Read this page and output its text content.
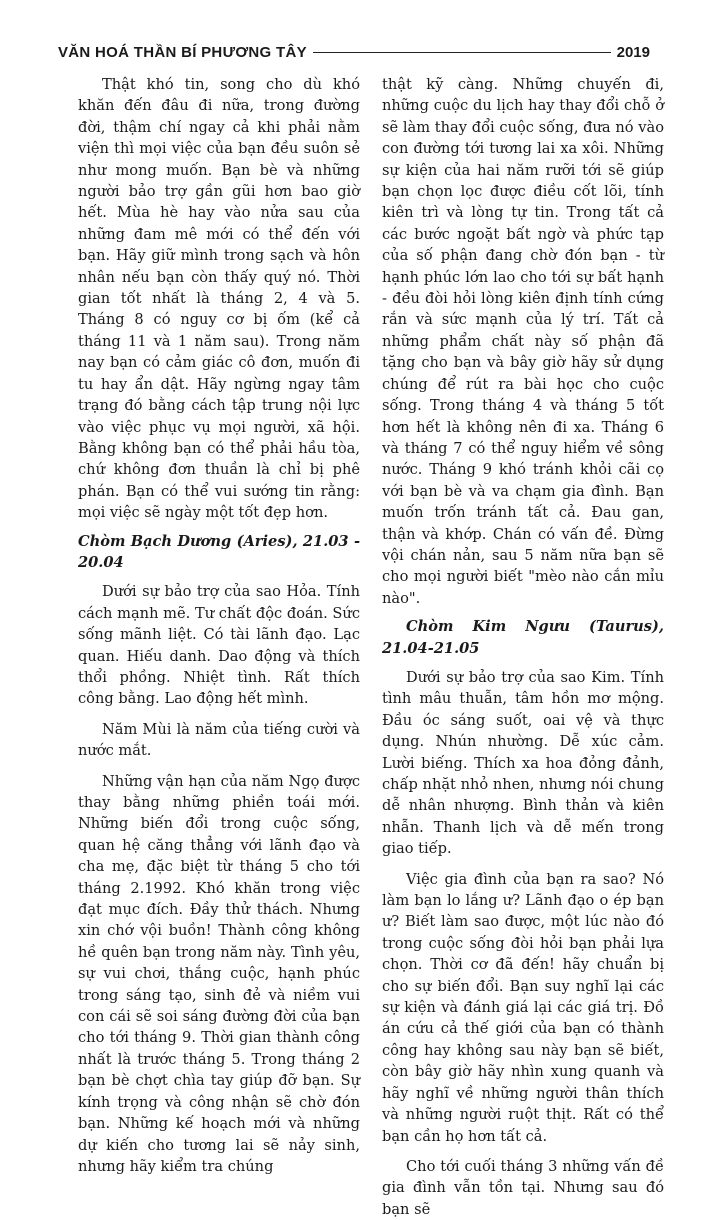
VĂN HOÁ THẦN BÍ PHƯƠNG TÂY	2019

Thật khó tin, song cho dù khó khăn đến đâu đi nữa, trong đường đời, thậm chí ngay cả khi phải nằm viện thì mọi việc của bạn đều suôn sẻ như mong muốn. Bạn bè và những người bảo trợ gần gũi hơn bao giờ hết. Mùa hè hay vào nửa sau của những đam mê mới có thể đến với bạn. Hãy giữ mình trong sạch và hôn nhân nếu bạn còn thấy quý nó. Thời gian tốt nhất là tháng 2, 4 và 5. Tháng 8 có nguy cơ bị ốm (kể cả tháng 11 và 1 năm sau). Trong năm nay bạn có cảm giác cô đơn, muốn đi tu hay ẩn dật. Hãy ngừng ngay tâm trạng đó bằng cách tập trung nội lực vào việc phục vụ mọi người, xã hội. Bằng không bạn có thể phải hầu tòa, chứ không đơn thuần là chỉ bị phê phán. Bạn có thể vui sướng tin rằng: mọi việc sẽ ngày một tốt đẹp hơn.

Chòm Bạch Dương (Aries), 21.03 - 20.04

Dưới sự bảo trợ của sao Hỏa. Tính cách mạnh mẽ. Tư chất độc đoán. Sức sống mãnh liệt. Có tài lãnh đạo. Lạc quan. Hiếu danh. Dao động và thích thổi phồng. Nhiệt tình. Rất thích công bằng. Lao động hết mình.

Năm Mùi là năm của tiếng cười và nước mắt.

Những vận hạn của năm Ngọ được thay bằng những phiền toái mới. Những biến đổi trong cuộc sống, quan hệ căng thẳng với lãnh đạo và cha mẹ, đặc biệt từ tháng 5 cho tới tháng 2.1992. Khó khăn trong việc đạt mục đích. Đầy thử thách. Nhưng xin chớ vội buồn! Thành công không hề quên bạn trong năm này. Tình yêu, sự vui chơi, thắng cuộc, hạnh phúc trong sáng tạo, sinh đẻ và niềm vui con cái sẽ soi sáng đường đời của bạn cho tới tháng 9. Thời gian thành công nhất là trước tháng 5. Trong tháng 2 bạn bè chợt chìa tay giúp đỡ bạn. Sự kính trọng và công nhận sẽ chờ đón bạn. Những kế hoạch mới và những dự kiến cho tương lai sẽ nảy sinh, nhưng hãy kiểm tra chúng

thật kỹ càng. Những chuyến đi, những cuộc du lịch hay thay đổi chỗ ở sẽ làm thay đổi cuộc sống, đưa nó vào con đường tới tương lai xa xôi. Những sự kiện của hai năm rưỡi tới sẽ giúp bạn chọn lọc được điều cốt lõi, tính kiên trì và lòng tự tin. Trong tất cả các bước ngoặt bất ngờ và phức tạp của số phận đang chờ đón bạn - từ hạnh phúc lớn lao cho tới sự bất hạnh - đều đòi hỏi lòng kiên định tính cứng rắn và sức mạnh của lý trí. Tất cả những phẩm chất này số phận đã tặng cho bạn và bây giờ hãy sử dụng chúng để rút ra bài học cho cuộc sống. Trong tháng 4 và tháng 5 tốt hơn hết là không nên đi xa. Tháng 6 và tháng 7 có thể nguy hiểm về sông nước. Tháng 9 khó tránh khỏi cãi cọ với bạn bè và va chạm gia đình. Bạn muốn trốn tránh tất cả. Đau gan, thận và khớp. Chán có vấn đề. Đừng vội chán nản, sau 5 năm nữa bạn sẽ cho mọi người biết "mèo nào cắn mỉu nào".

Chòm Kim Ngưu (Taurus), 21.04-21.05

Dưới sự bảo trợ của sao Kim. Tính tình mâu thuẫn, tâm hồn mơ mộng. Đầu óc sáng suốt, oai vệ và thực dụng. Nhún nhường. Dễ xúc cảm. Lười biếng. Thích xa hoa đỏng đảnh, chấp nhặt nhỏ nhen, nhưng nói chung dễ nhân nhượng. Bình thản và kiên nhẫn. Thanh lịch và dễ mến trong giao tiếp.

Việc gia đình của bạn ra sao? Nó làm bạn lo lắng ư? Lãnh đạo o ép bạn ư? Biết làm sao được, một lúc nào đó trong cuộc sống đòi hỏi bạn phải lựa chọn. Thời cơ đã đến! hãy chuẩn bị cho sự biến đổi. Bạn suy nghĩ lại các sự kiện và đánh giá lại các giá trị. Đồ án cứu cả thế giới của bạn có thành công hay không sau này bạn sẽ biết, còn bây giờ hãy nhìn xung quanh và hãy nghĩ về những người thân thích và những người ruột thịt. Rất có thể bạn cần họ hơn tất cả.

Cho tới cuối tháng 3 những vấn đề gia đình vẫn tồn tại. Nhưng sau đó bạn sẽ
